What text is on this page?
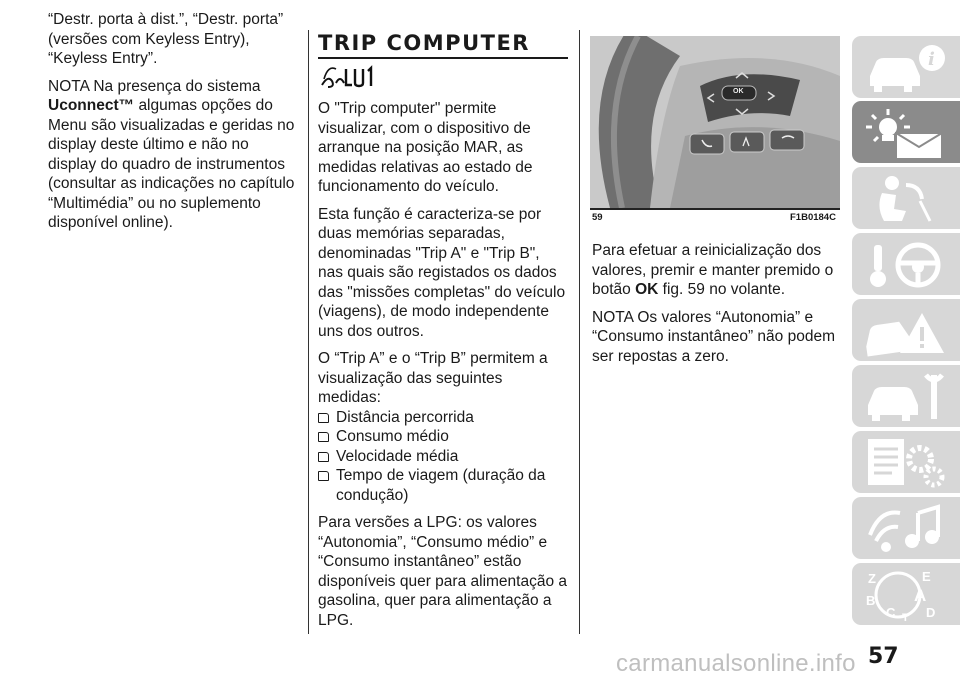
“Destr. porta à dist.”, “Destr. porta” (versões com Keyless Entry), “Keyless Entry”.

NOTA Na presença do sistema Uconnect™ algumas opções do Menu são visualizadas e geridas no display deste último e não no display do quadro de instrumentos (consultar as indicações no capítulo “Multimédia” ou no suplemento disponível online).

TRIP COMPUTER

O "Trip computer" permite visualizar, com o dispositivo de arranque na posição MAR, as medidas relativas ao estado de funcionamento do veículo.

Esta função é caracteriza-se por duas memórias separadas, denominadas "Trip A" e "Trip B", nas quais são registados os dados das "missões completas" do veículo (viagens), de modo independente uns dos outros.

O “Trip A” e o “Trip B” permitem a visualização das seguintes medidas:

Distância percorrida
Consumo médio
Velocidade média
Tempo de viagem (duração da condução)

Para versões a LPG: os valores “Autonomia”, “Consumo médio” e “Consumo instantâneo” estão disponíveis quer para alimentação a gasolina, quer para alimentação a LPG.

OK
59	F1B0184C

Para efetuar a reinicialização dos valores, premir e manter premido o botão OK fig. 59 no volante.

NOTA Os valores “Autonomia” e “Consumo instantâneo” não podem ser repostas a zero.

i
Z	E B A C D T
carmanualsonline.info 57
